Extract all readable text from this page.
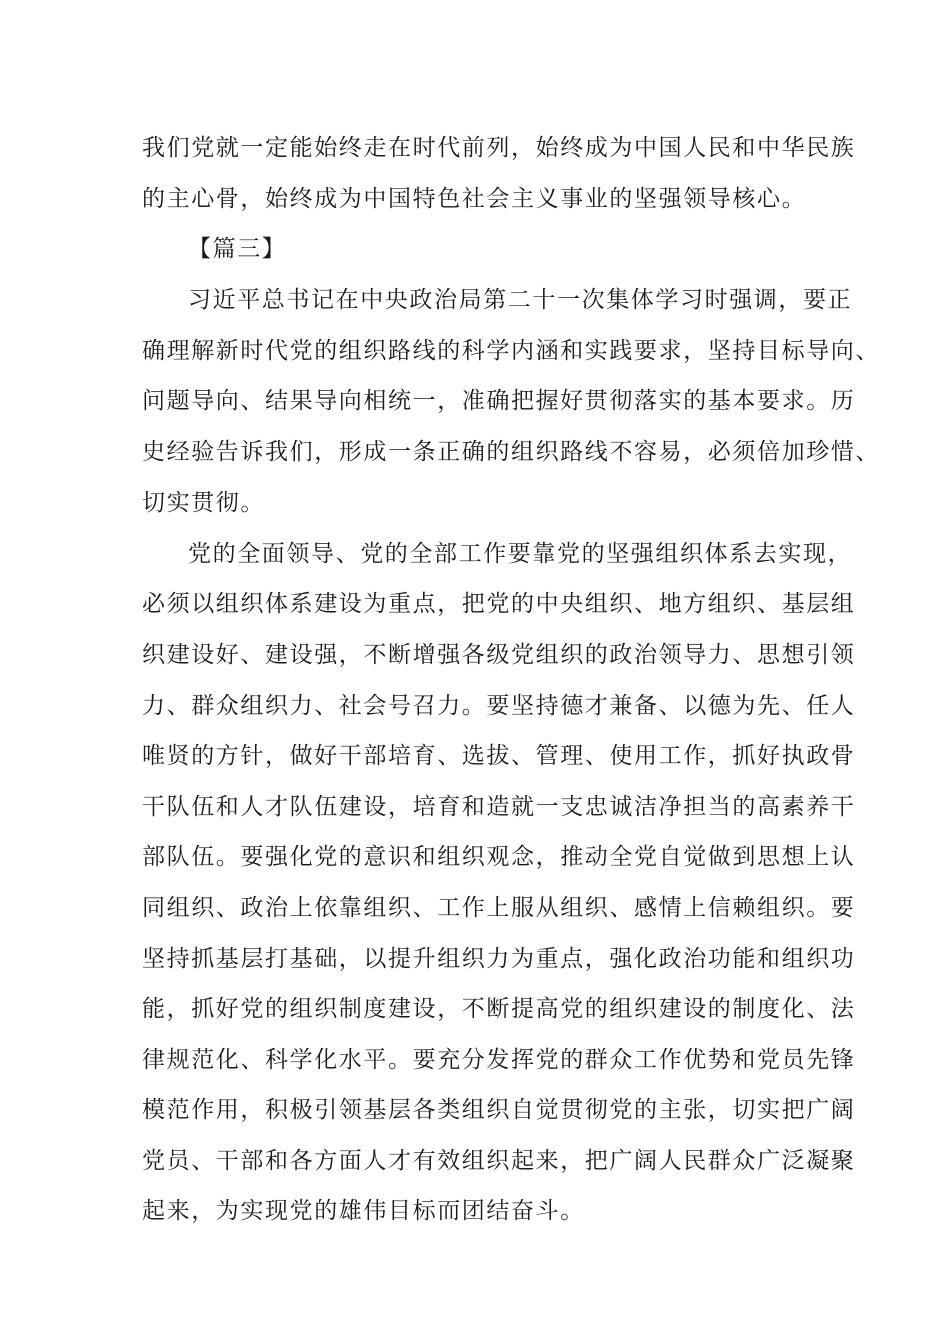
我们党就一定能始终走在时代前列，始终成为中国人民和中华民族
的主心骨，始终成为中国特色社会主义事业的坚强领导核心。
【篇三】
习近平总书记在中央政治局第二十一次集体学习时强调，要正
确理解新时代党的组织路线的科学内涵和实践要求，坚持目标导向、
问题导向、结果导向相统一，准确把握好贯彻落实的基本要求。历
史经验告诉我们，形成一条正确的组织路线不容易，必须倍加珍惜、
切实贯彻。
党的全面领导、党的全部工作要靠党的坚强组织体系去实现，
必须以组织体系建设为重点，把党的中央组织、地方组织、基层组
织建设好、建设强，不断增强各级党组织的政治领导力、思想引领
力、群众组织力、社会号召力。要坚持德才兼备、以德为先、任人
唯贤的方针，做好干部培育、选拔、管理、使用工作，抓好执政骨
干队伍和人才队伍建设，培育和造就一支忠诚洁净担当的高素养干
部队伍。要强化党的意识和组织观念，推动全党自觉做到思想上认
同组织、政治上依靠组织、工作上服从组织、感情上信赖组织。要
坚持抓基层打基础，以提升组织力为重点，强化政治功能和组织功
能，抓好党的组织制度建设，不断提高党的组织建设的制度化、法
律规范化、科学化水平。要充分发挥党的群众工作优势和党员先锋
模范作用，积极引领基层各类组织自觉贯彻党的主张，切实把广阔
党员、干部和各方面人才有效组织起来，把广阔人民群众广泛凝聚
起来，为实现党的雄伟目标而团结奋斗。
